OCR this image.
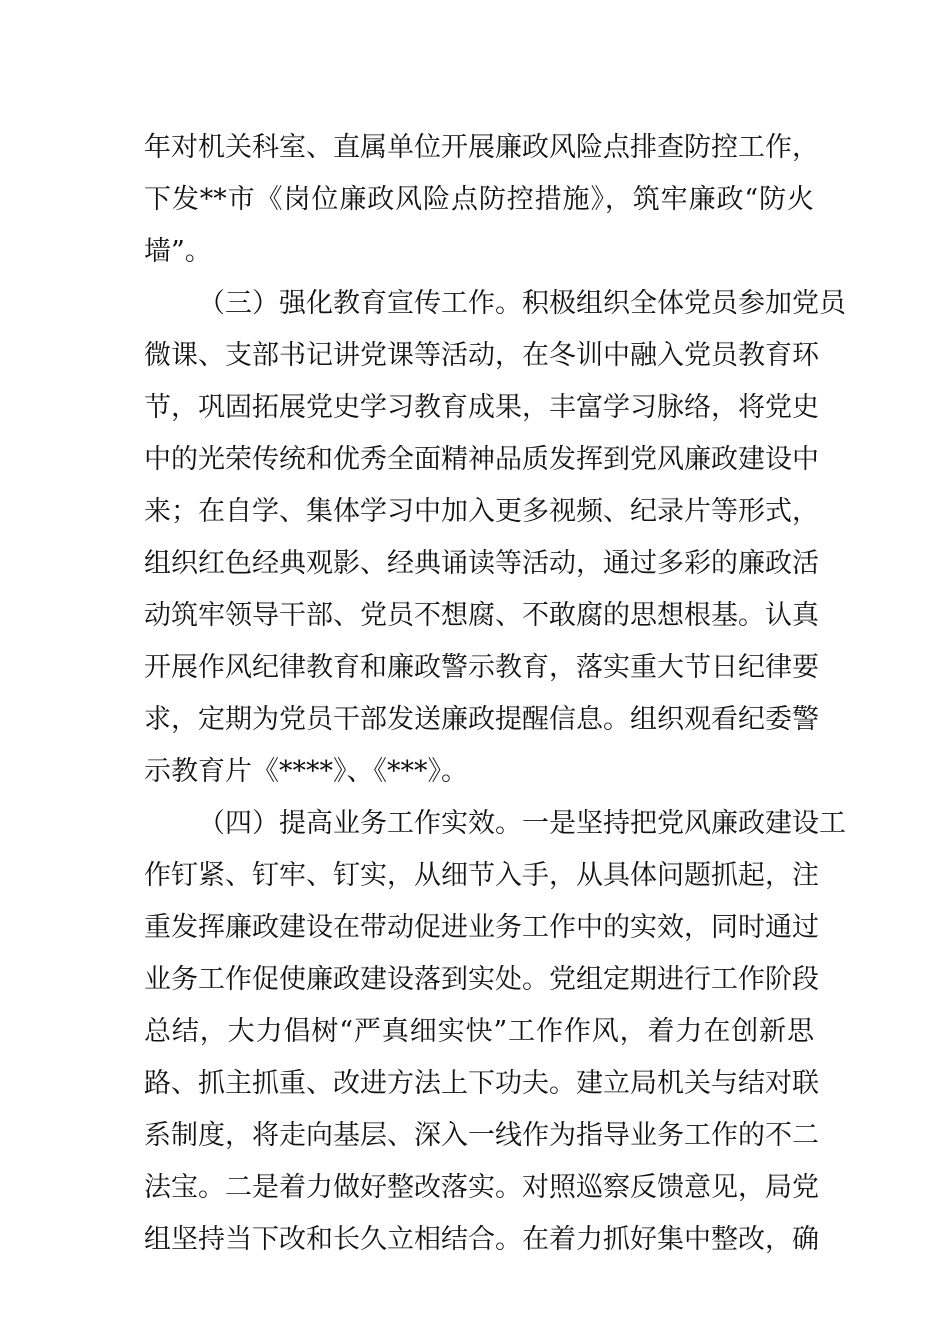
年对机关科室、直属单位开展廉政风险点排查防控工作，
下发**市《岗位廉政风险点防控措施》，筑牢廉政“防火
墙”。
（三）强化教育宣传工作。积极组织全体党员参加党员
微课、支部书记讲党课等活动，在冬训中融入党员教育环
节，巩固拓展党史学习教育成果，丰富学习脉络，将党史
中的光荣传统和优秀全面精神品质发挥到党风廉政建设中
来；在自学、集体学习中加入更多视频、纪录片等形式，
组织红色经典观影、经典诵读等活动，通过多彩的廉政活
动筑牢领导干部、党员不想腐、不敢腐的思想根基。认真
开展作风纪律教育和廉政警示教育，落实重大节日纪律要
求，定期为党员干部发送廉政提醒信息。组织观看纪委警
示教育片《****》、《***》。
（四）提高业务工作实效。一是坚持把党风廉政建设工
作钉紧、钉牢、钉实，从细节入手，从具体问题抓起，注
重发挥廉政建设在带动促进业务工作中的实效，同时通过
业务工作促使廉政建设落到实处。党组定期进行工作阶段
总结，大力倡树“严真细实快”工作作风，着力在创新思
路、抓主抓重、改进方法上下功夫。建立局机关与结对联
系制度，将走向基层、深入一线作为指导业务工作的不二
法宝。二是着力做好整改落实。对照巡察反馈意见，局党
组坚持当下改和长久立相结合。在着力抓好集中整改，确
